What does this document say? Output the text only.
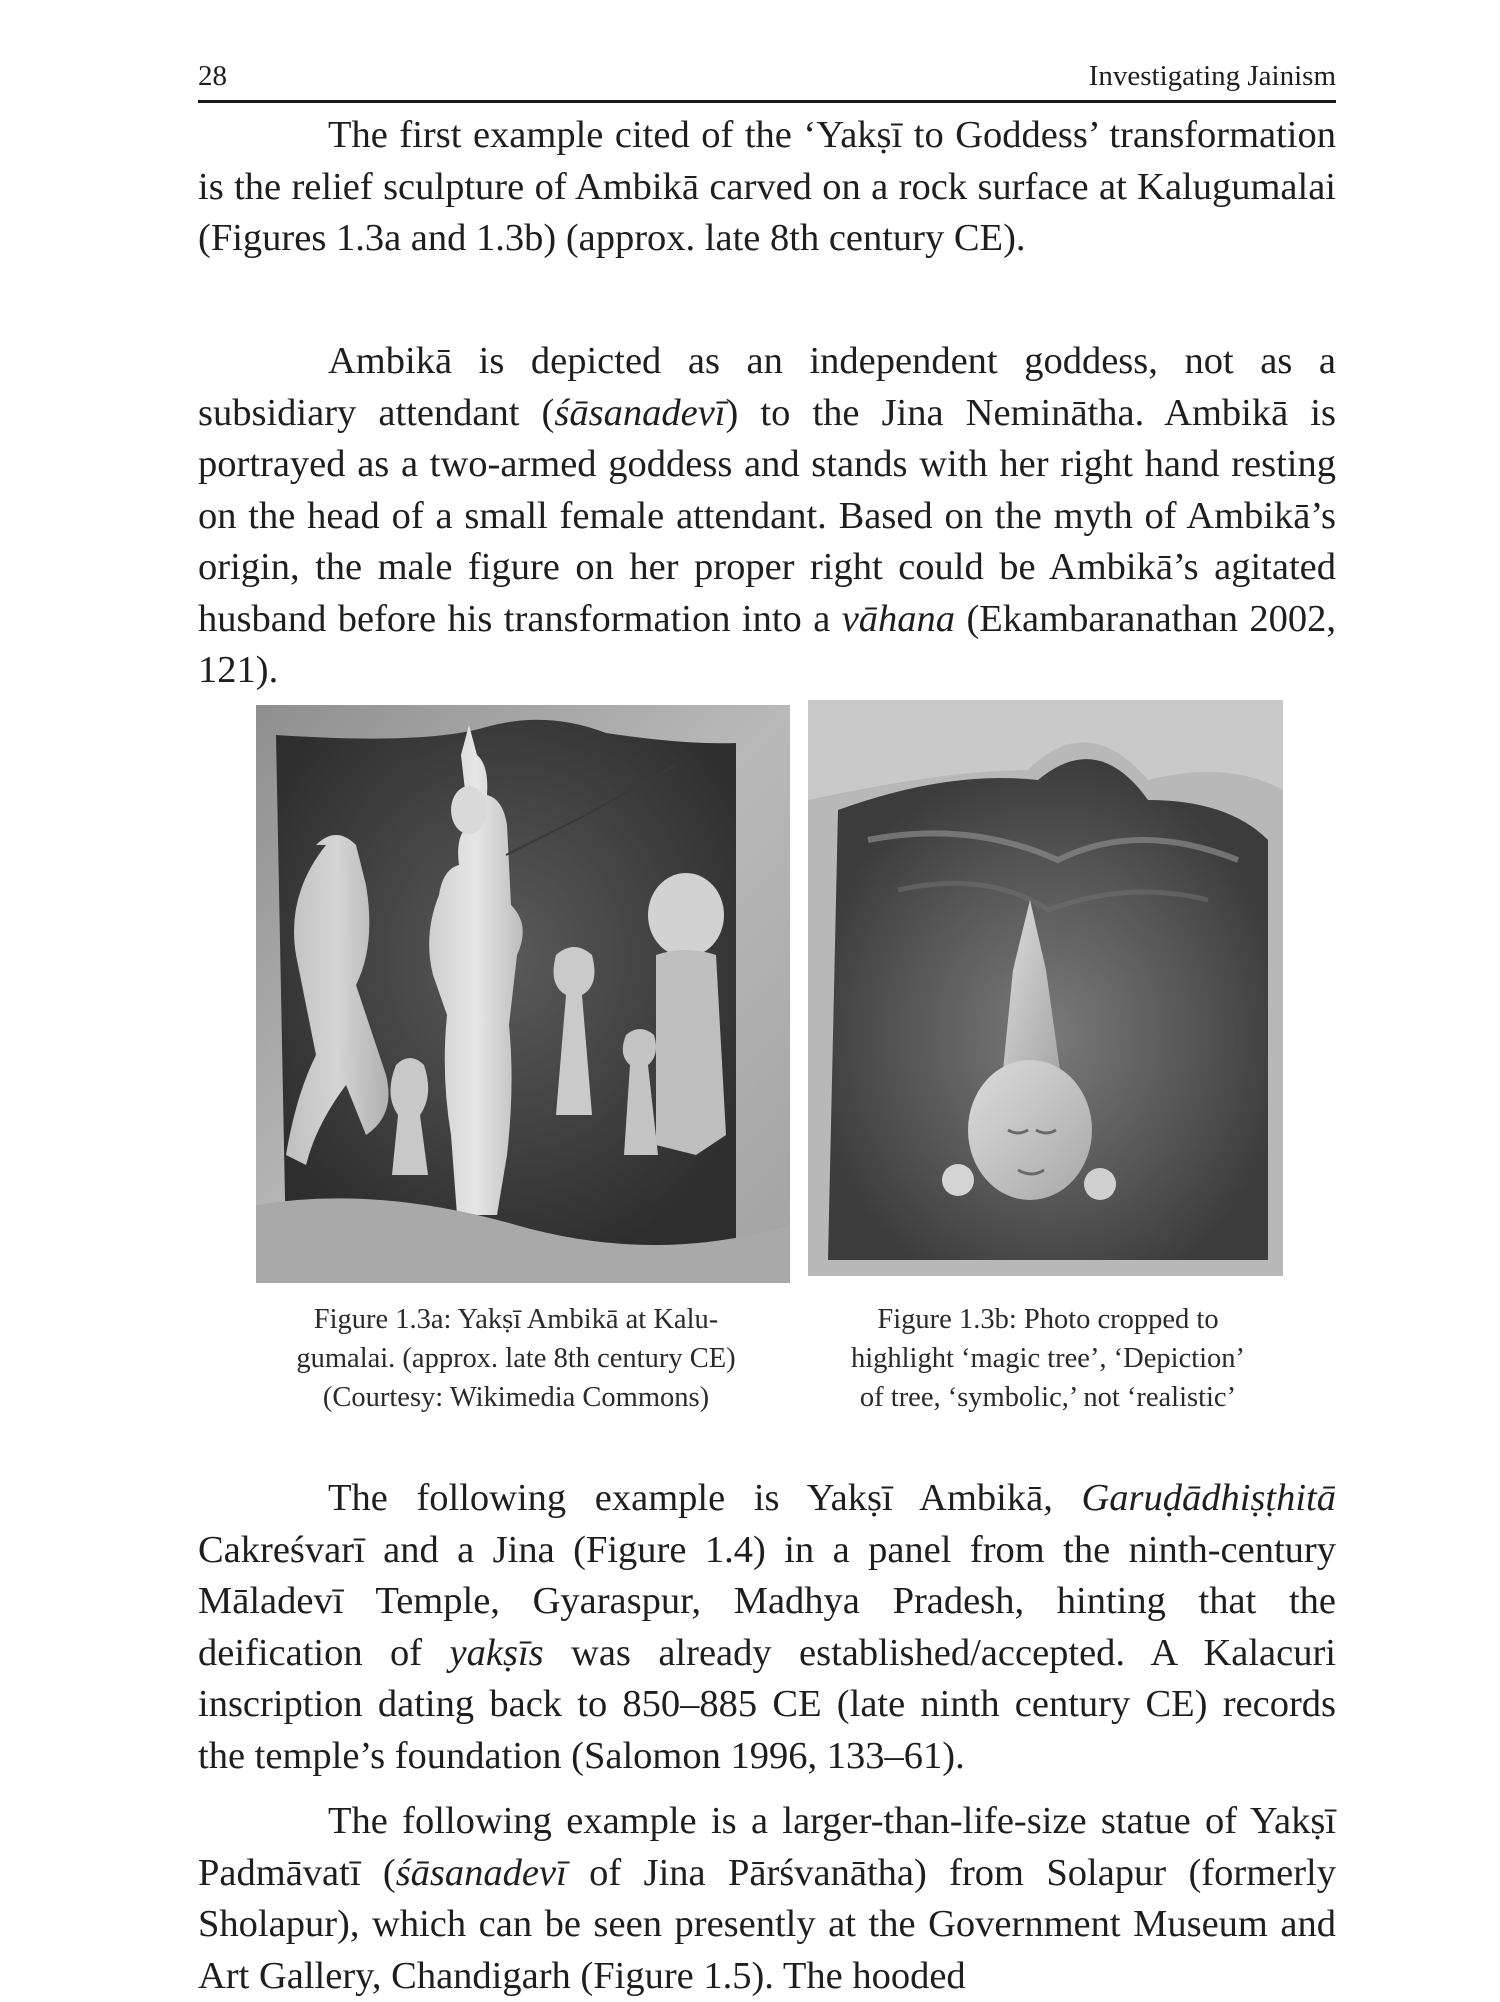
28	Investigating Jainism

The first example cited of the ‘Yakṣī to Goddess’ transformation is the relief sculpture of Ambikā carved on a rock surface at Kalugumalai (Figures 1.3a and 1.3b) (approx. late 8th century CE).

Ambikā is depicted as an independent goddess, not as a subsidiary attendant (śāsanadevī) to the Jina Neminātha. Ambikā is portrayed as a two-armed goddess and stands with her right hand resting on the head of a small female attendant. Based on the myth of Ambikā’s origin, the male figure on her proper right could be Ambikā’s agitated husband before his transformation into a vāhana (Ekambaranathan 2002, 121).

Figure 1.3a: Yakṣī Ambikā at Kalu-
gumalai. (approx. late 8th century CE)
(Courtesy: Wikimedia Commons)
Figure 1.3b: Photo cropped to
highlight ‘magic tree’, ‘Depiction’
of tree, ‘symbolic,’ not ‘realistic’

The following example is Yakṣī Ambikā, Garuḍādhiṣṭhitā Cakreśvarī and a Jina (Figure 1.4) in a panel from the ninth-century Māladevī Temple, Gyaraspur, Madhya Pradesh, hinting that the deification of yakṣīs was already established/accepted. A Kalacuri inscription dating back to 850–885 CE (late ninth century CE) records the temple’s foundation (Salomon 1996, 133–61).

The following example is a larger-than-life-size statue of Yakṣī Padmāvatī (śāsanadevī of Jina Pārśvanātha) from Solapur (formerly Sholapur), which can be seen presently at the Government Museum and Art Gallery, Chandigarh (Figure 1.5). The hooded
